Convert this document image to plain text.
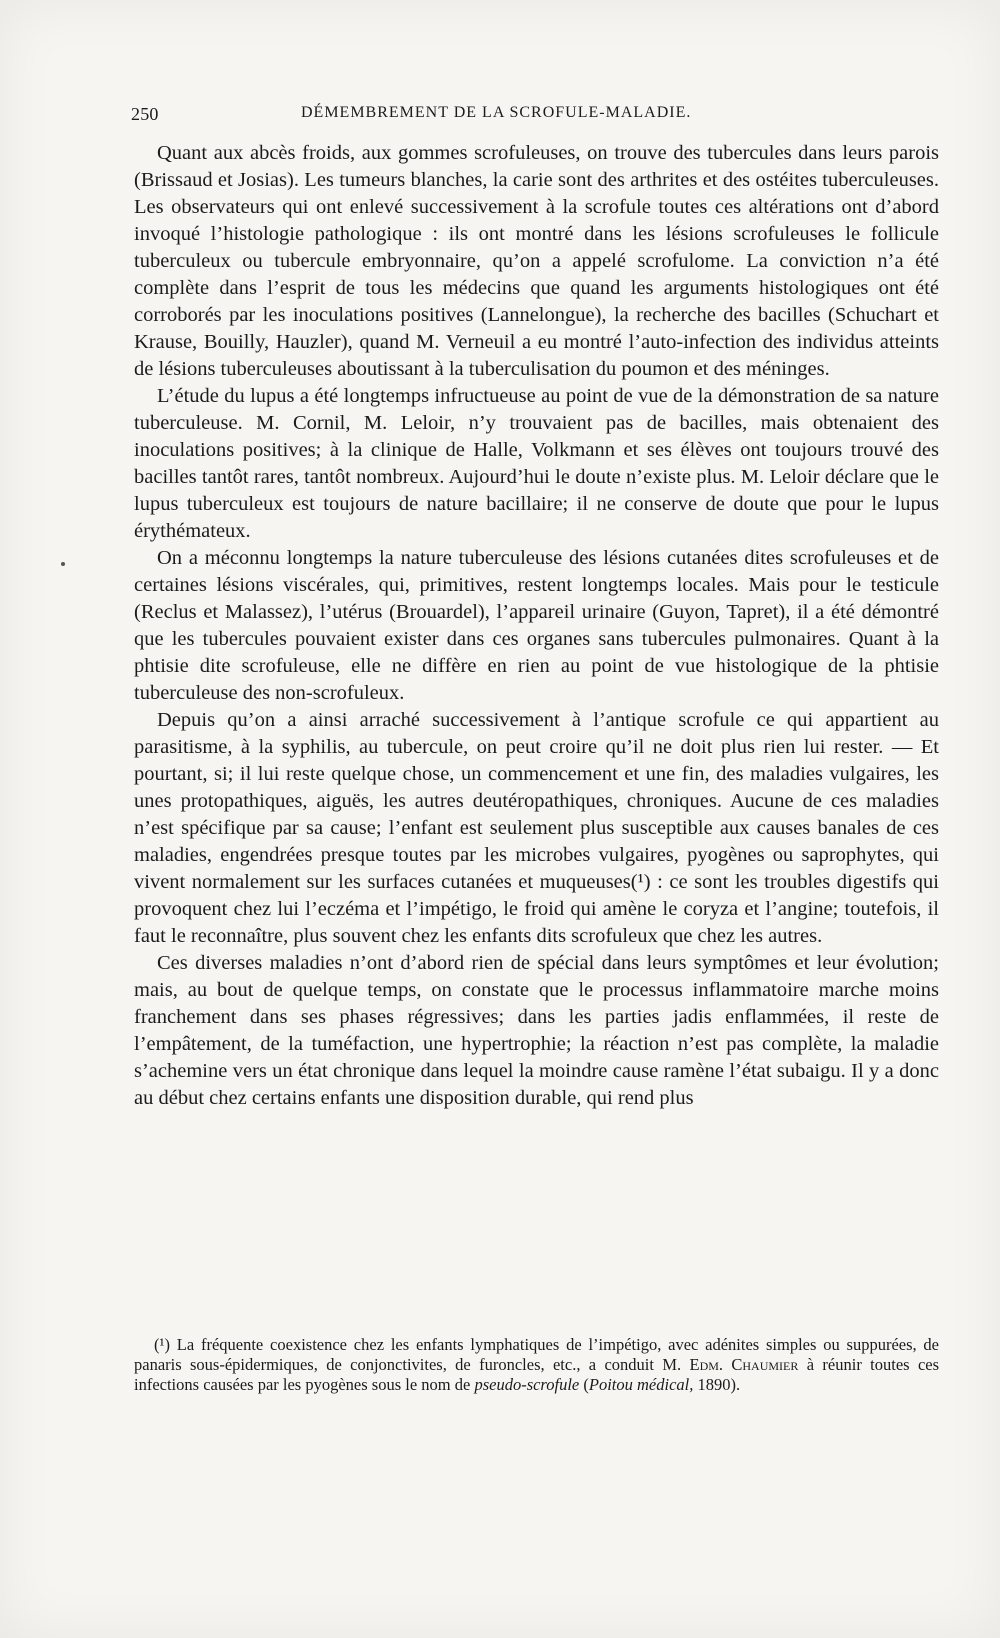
250	DÉMEMBREMENT DE LA SCROFULE-MALADIE.

Quant aux abcès froids, aux gommes scrofuleuses, on trouve des tubercules dans leurs parois (Brissaud et Josias). Les tumeurs blanches, la carie sont des arthrites et des ostéites tuberculeuses. Les observateurs qui ont enlevé successivement à la scrofule toutes ces altérations ont d’abord invoqué l’histologie pathologique : ils ont montré dans les lésions scrofuleuses le follicule tuberculeux ou tubercule embryonnaire, qu’on a appelé scrofulome. La conviction n’a été complète dans l’esprit de tous les médecins que quand les arguments histologiques ont été corroborés par les inoculations positives (Lannelongue), la recherche des bacilles (Schuchart et Krause, Bouilly, Hauzler), quand M. Verneuil a eu montré l’auto-infection des individus atteints de lésions tuberculeuses aboutissant à la tuberculisation du poumon et des méninges.

L’étude du lupus a été longtemps infructueuse au point de vue de la démonstration de sa nature tuberculeuse. M. Cornil, M. Leloir, n’y trouvaient pas de bacilles, mais obtenaient des inoculations positives; à la clinique de Halle, Volkmann et ses élèves ont toujours trouvé des bacilles tantôt rares, tantôt nombreux. Aujourd’hui le doute n’existe plus. M. Leloir déclare que le lupus tuberculeux est toujours de nature bacillaire; il ne conserve de doute que pour le lupus érythémateux.

On a méconnu longtemps la nature tuberculeuse des lésions cutanées dites scrofuleuses et de certaines lésions viscérales, qui, primitives, restent longtemps locales. Mais pour le testicule (Reclus et Malassez), l’utérus (Brouardel), l’appareil urinaire (Guyon, Tapret), il a été démontré que les tubercules pouvaient exister dans ces organes sans tubercules pulmonaires. Quant à la phtisie dite scrofuleuse, elle ne diffère en rien au point de vue histologique de la phtisie tuberculeuse des non-scrofuleux.

Depuis qu’on a ainsi arraché successivement à l’antique scrofule ce qui appartient au parasitisme, à la syphilis, au tubercule, on peut croire qu’il ne doit plus rien lui rester. — Et pourtant, si; il lui reste quelque chose, un commencement et une fin, des maladies vulgaires, les unes protopathiques, aiguës, les autres deutéropathiques, chroniques. Aucune de ces maladies n’est spécifique par sa cause; l’enfant est seulement plus susceptible aux causes banales de ces maladies, engendrées presque toutes par les microbes vulgaires, pyogènes ou saprophytes, qui vivent normalement sur les surfaces cutanées et muqueuses(¹) : ce sont les troubles digestifs qui provoquent chez lui l’eczéma et l’impétigo, le froid qui amène le coryza et l’angine; toutefois, il faut le reconnaître, plus souvent chez les enfants dits scrofuleux que chez les autres.

Ces diverses maladies n’ont d’abord rien de spécial dans leurs symptômes et leur évolution; mais, au bout de quelque temps, on constate que le processus inflammatoire marche moins franchement dans ses phases régressives; dans les parties jadis enflammées, il reste de l’empâtement, de la tuméfaction, une hypertrophie; la réaction n’est pas complète, la maladie s’achemine vers un état chronique dans lequel la moindre cause ramène l’état subaigu. Il y a donc au début chez certains enfants une disposition durable, qui rend plus

(¹) La fréquente coexistence chez les enfants lymphatiques de l’impétigo, avec adénites simples ou suppurées, de panaris sous-épidermiques, de conjonctivites, de furoncles, etc., a conduit M. Edm. Chaumier à réunir toutes ces infections causées par les pyogènes sous le nom de pseudo-scrofule (Poitou médical, 1890).
